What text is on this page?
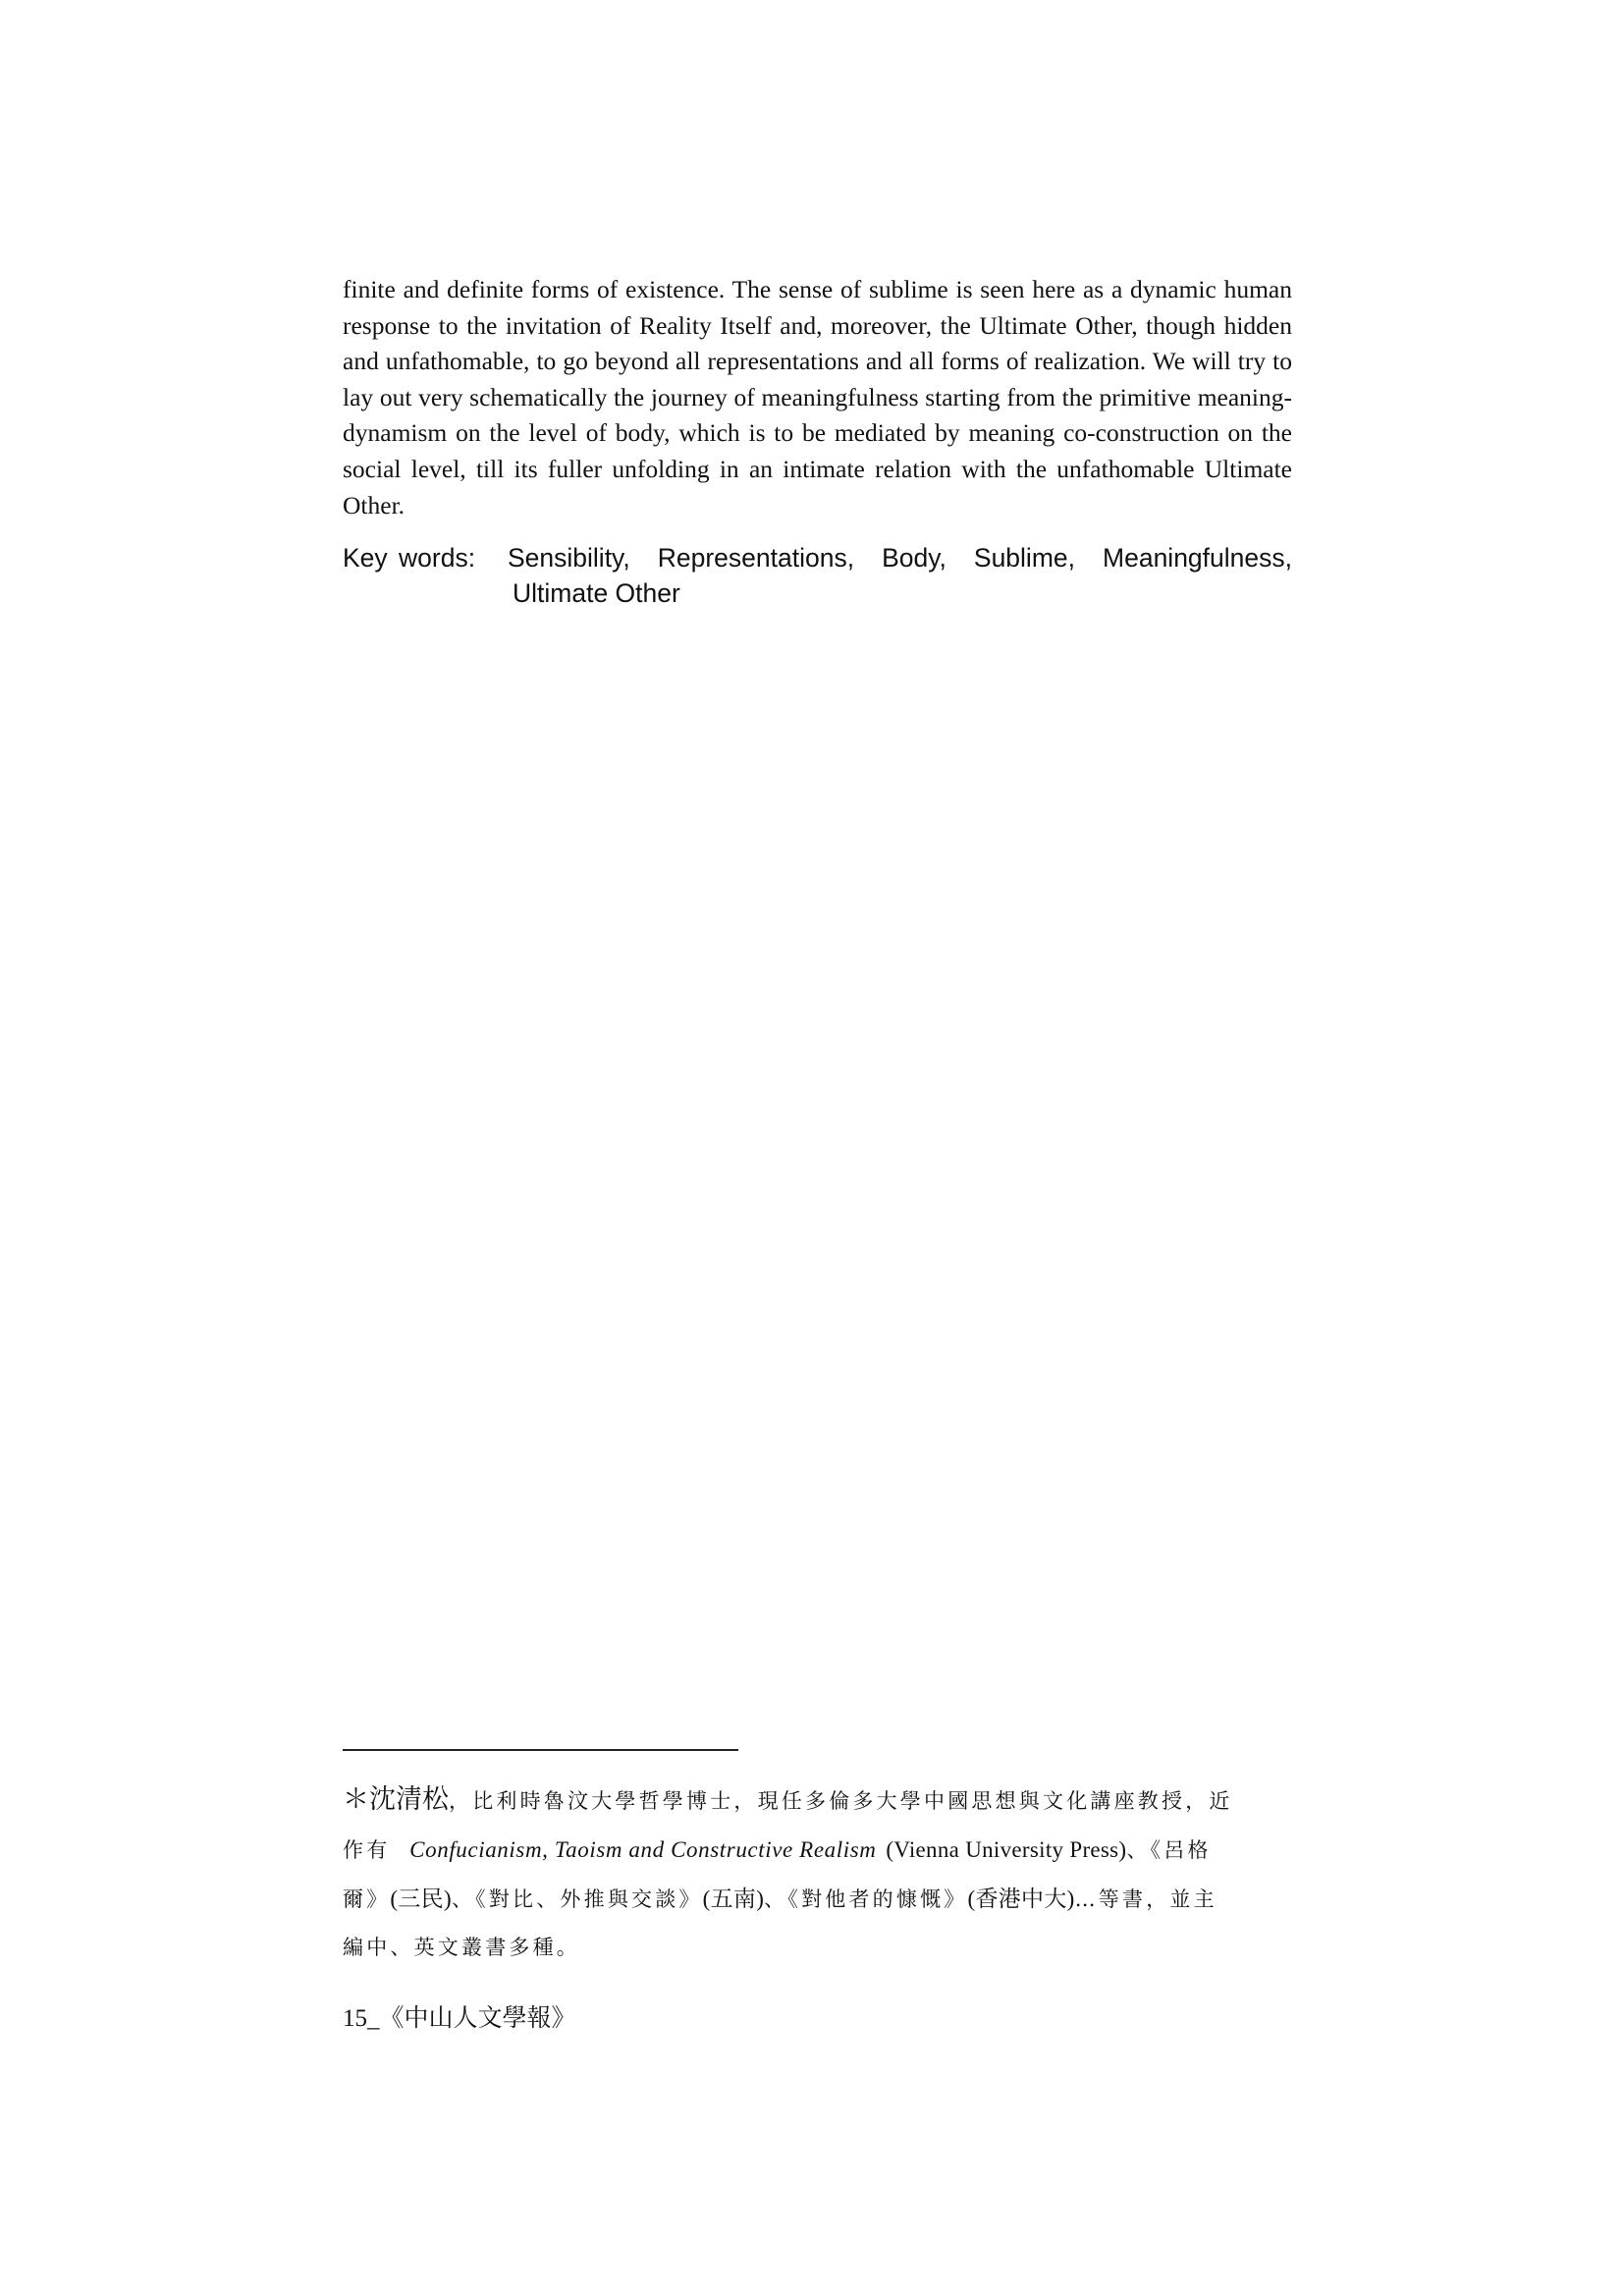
finite and definite forms of existence. The sense of sublime is seen here as a dynamic human response to the invitation of Reality Itself and, moreover, the Ultimate Other, though hidden and unfathomable, to go beyond all representations and all forms of realization. We will try to lay out very schematically the journey of meaningfulness starting from the primitive meaning-dynamism on the level of body, which is to be mediated by meaning co-construction on the social level, till its fuller unfolding in an intimate relation with the unfathomable Ultimate Other.

Key words:	Sensibility, Representations, Body, Sublime, Meaningfulness,
Ultimate Other
＊沈清松，比利時魯汶大學哲學博士，現任多倫多大學中國思想與文化講座教授，近
作有 Confucianism, Taoism and Constructive Realism (Vienna University Press)、《呂格
爾》(三民)、《對比、外推與交談》(五南)、《對他者的慷慨》(香港中大)…等書，並主
編中、英文叢書多種。
15_《中山人文學報》
